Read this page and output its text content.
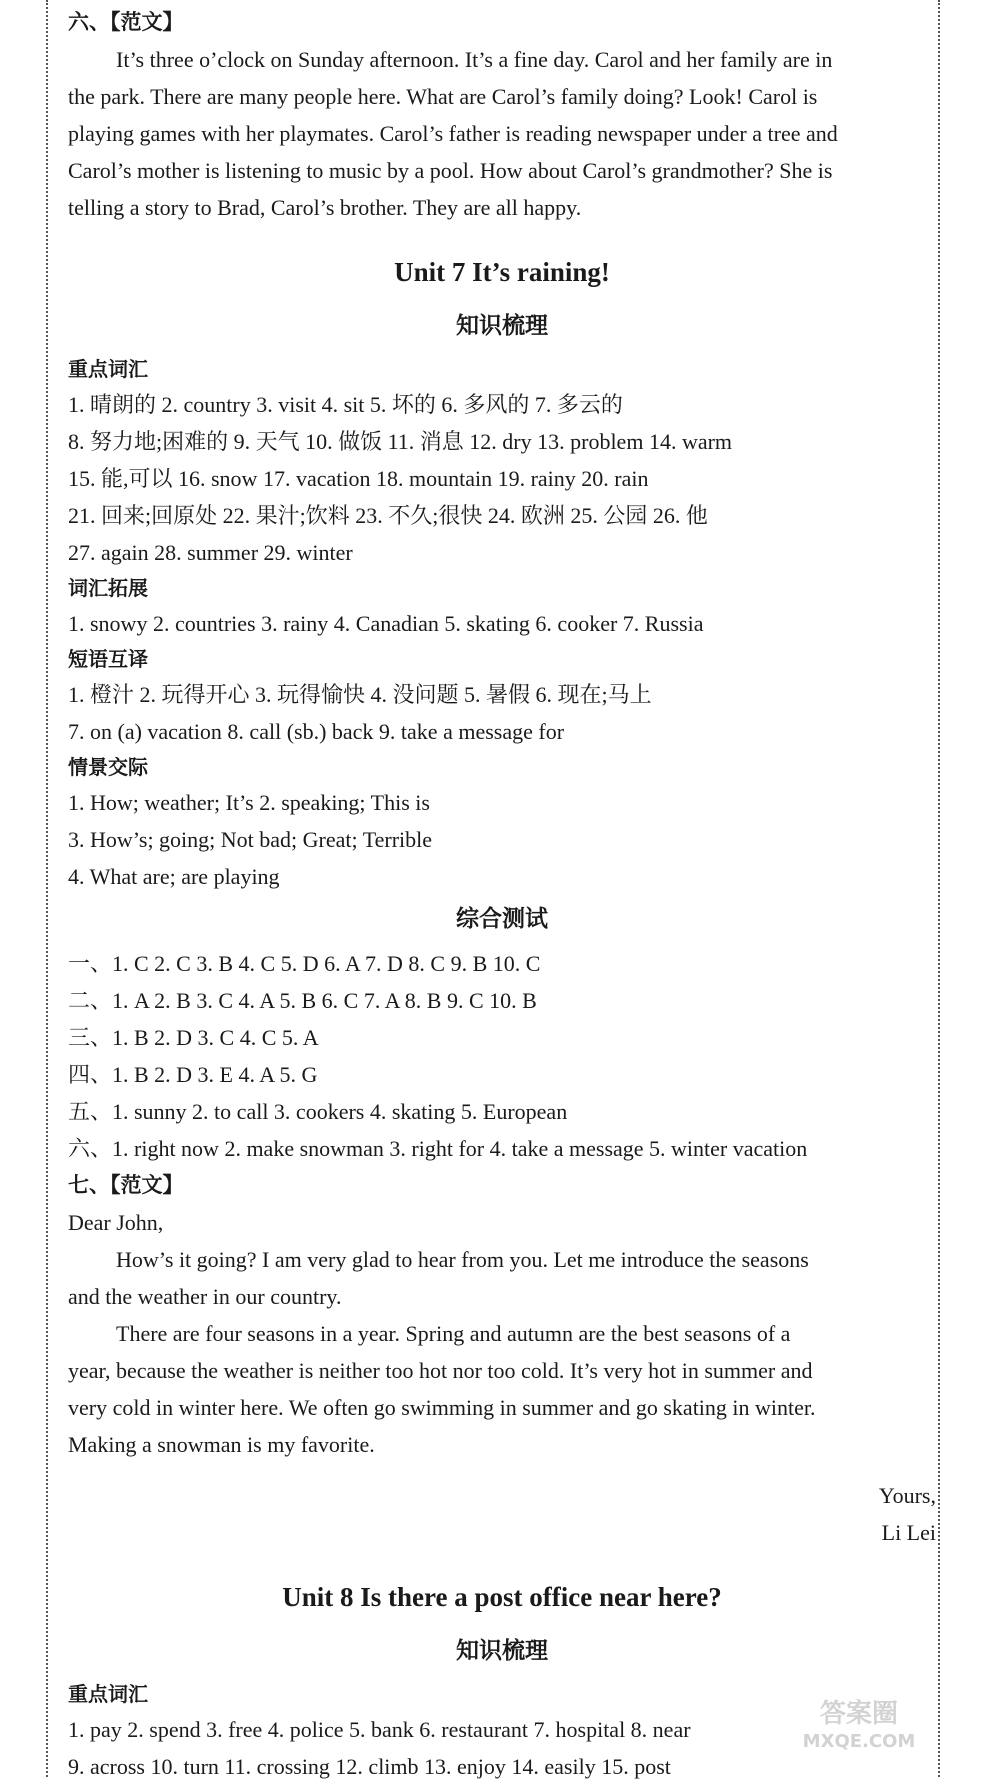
六、【范文】
It’s three o’clock on Sunday afternoon. It’s a fine day. Carol and her family are in
the park. There are many people here. What are Carol’s family doing? Look! Carol is
playing games with her playmates. Carol’s father is reading newspaper under a tree and
Carol’s mother is listening to music by a pool. How about Carol’s grandmother? She is
telling a story to Brad, Carol’s brother. They are all happy.
Unit 7 It’s raining!
知识梳理
重点词汇
1. 晴朗的 2. country 3. visit 4. sit 5. 坏的 6. 多风的 7. 多云的
8. 努力地;困难的 9. 天气 10. 做饭 11. 消息 12. dry 13. problem 14. warm
15. 能,可以 16. snow 17. vacation 18. mountain 19. rainy 20. rain
21. 回来;回原处 22. 果汁;饮料 23. 不久;很快 24. 欧洲 25. 公园 26. 他
27. again 28. summer 29. winter
词汇拓展
1. snowy 2. countries 3. rainy 4. Canadian 5. skating 6. cooker 7. Russia
短语互译
1. 橙汁 2. 玩得开心 3. 玩得愉快 4. 没问题 5. 暑假 6. 现在;马上
7. on (a) vacation 8. call (sb.) back 9. take a message for
情景交际
1. How; weather; It’s 2. speaking; This is
3. How’s; going; Not bad; Great; Terrible
4. What are; are playing
综合测试
一、1. C 2. C 3. B 4. C 5. D 6. A 7. D 8. C 9. B 10. C
二、1. A 2. B 3. C 4. A 5. B 6. C 7. A 8. B 9. C 10. B
三、1. B 2. D 3. C 4. C 5. A
四、1. B 2. D 3. E 4. A 5. G
五、1. sunny 2. to call 3. cookers 4. skating 5. European
六、1. right now 2. make snowman 3. right for 4. take a message 5. winter vacation
七、【范文】
Dear John,
How’s it going? I am very glad to hear from you. Let me introduce the seasons
and the weather in our country.
There are four seasons in a year. Spring and autumn are the best seasons of a
year, because the weather is neither too hot nor too cold. It’s very hot in summer and
very cold in winter here. We often go swimming in summer and go skating in winter.
Making a snowman is my favorite.
Yours,
Li Lei
Unit 8 Is there a post office near here?
知识梳理
重点词汇
1. pay 2. spend 3. free 4. police 5. bank 6. restaurant 7. hospital 8. near
9. across 10. turn 11. crossing 12. climb 13. enjoy 14. easily 15. post
答案圈
MXQE.COM
